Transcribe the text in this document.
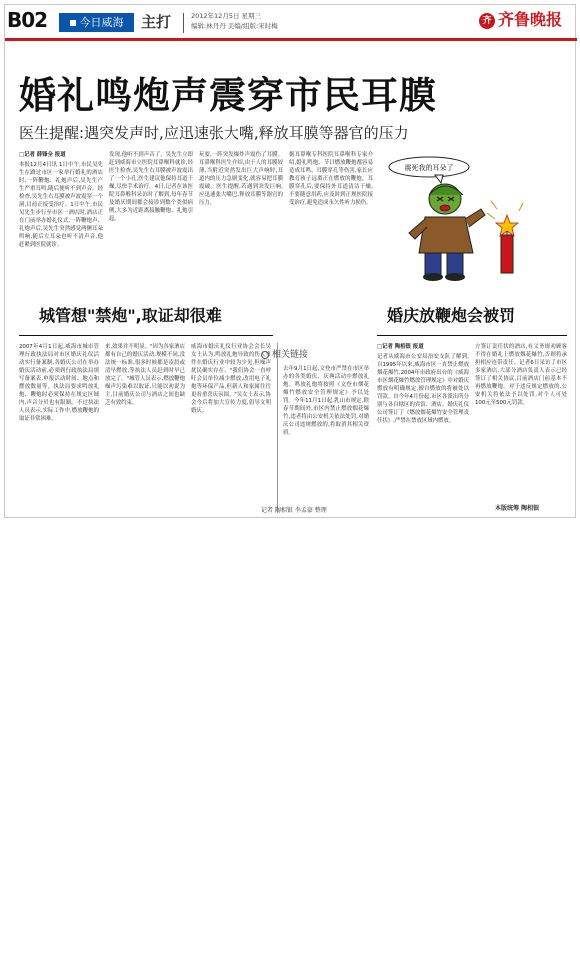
B02	今日威海	主打	2012年12月5日 星期三
编辑:林丹丹 美编/组版:宋时梅
齐 齐鲁晚报
婚礼鸣炮声震穿市民耳膜
医生提醒:遇突发声时,应迅速张大嘴,释放耳膜等器官的压力
□记者 薛锋全 报道
本报12月4日讯 1日中午,市民吴先生在路过市区一家举行婚礼的酒店时,一阵鞭炮、礼炮声后,吴先生产生严重耳鸣,随后便听不到声音。经检查,吴先生右耳膜被声波震穿一个洞,目前正接受治疗。1日中午,市民吴先生步行至市区一酒店时,酒店正在门前举办婚礼仪式,一阵鞭炮声、礼炮声后,吴先生突然感觉两侧耳朵鸣响,随后左耳朵也听不清声音,他赶紧到医院就诊。
发现,他听不到声音了。吴先生立即赶到威海市立医院耳鼻喉科就诊,经医生检查,吴先生右耳膜被声波震出了一个小孔,医生建议他保持耳道干燥,尽快手术治疗。4日,记者在该医院耳鼻喉科采访时了解到,每年春节及婚庆期间都会接诊到数个类似病例,大多为近距离接触鞭炮、礼炮引起。
玩耍,一阵突发爆炸声震伤了耳膜。耳鼻喉科医生介绍,由于人的耳膜较薄,当附近突然发出巨大声响时,耳道内的压力急剧变化,就容易把耳膜震破。医生提醒,若遇到突发巨响,应迅速张大嘴巴,释放耳膜等器官的压力。
据耳鼻喉专科医院耳鼻喉科专家介绍,婚礼鸣炮、节日燃放鞭炮都容易造成耳鸣、耳膜穿孔等伤害,家长应教育孩子远离正在燃放的鞭炮。耳膜穿孔后,要保持外耳道清洁干燥,不要随意用药,应及时到正规医院接受治疗,避免造成永久性听力损伤。
震死我的耳朵了
城管想"禁炮",取证却很难
2007年4月1日起,威海市城市管理行政执法局对市区婚庆礼仪活动实行备案制,各婚庆公司在举办婚庆活动前,必须到行政执法局填写备案表,申报活动时间、地点和燃放数量等。执法局要求鸣放礼炮、鞭炮时必须保持在规定区域内,声音分贝也有限制。不过执法人员表示,实际工作中,燃放鞭炮的取证非常困难。
来,效果并不明显。"因为各家酒店都有自己的婚庆活动,规模不同,没法统一标准,很多时候都是凌晨或清早燃放,等执法人员赶到时早已放完了。"城管人员表示,燃放鞭炮噪声污染难以取证,只能以劝说为主,目前婚庆公司与酒店之间也缺乏有效约束。
威海市婚庆礼仪行业协会会长吴女士认为,鸣放礼炮导致的伤人事件在婚庆行业中较为少见,但噪声扰民确实存在。"我们协会一直呼吁会员单位减少燃放,改用电子礼炮等环保产品,但新人和家属往往更看重喜庆氛围。"吴女士表示,协会今后将加大宣传力度,倡导文明婚庆。
相关链接
去年9月1日起,文登市严禁在市区举办的各类婚庆、庆典活动中燃放礼炮。鸣放礼炮将按照《文登市烟花爆竹燃放安全管理规定》予以处罚。今年11月1日起,乳山市规定,除春节期间外,市区内禁止燃放烟花爆竹,违者将由公安机关依法处罚,对婚庆公司违规燃放的,将取消其相关资质。
记者 陶相银 李孟豪 整理
婚庆放鞭炮会被罚
□记者 陶相银 报道
记者从威海市公安局治安支队了解到,自1995年以来,威海市区一直禁止燃放烟花爆竹,2004年市政府出台的《威海市区烟花爆竹燃放管理规定》中对婚庆燃放有明确规定,擅自燃放的将被处以罚款。自今年4月份起,市区各派出所分别与各自辖区的宾馆、酒店、婚庆礼仪公司签订了《燃放烟花爆竹安全管理责任状》,严禁在禁放区域内燃放。
方签订责任状的酒店,有义务规劝顾客不得在婚礼上燃放烟花爆竹,否则将承担相应连带责任。记者6日采访了市区多家酒店,大部分酒店负责人表示已经签订了相关协议,目前酒店门前基本不再燃放鞭炮。对于违反规定燃放的,公安机关将依法予以处罚,对个人可处100元至500元罚款。
本版统筹 陶相银
